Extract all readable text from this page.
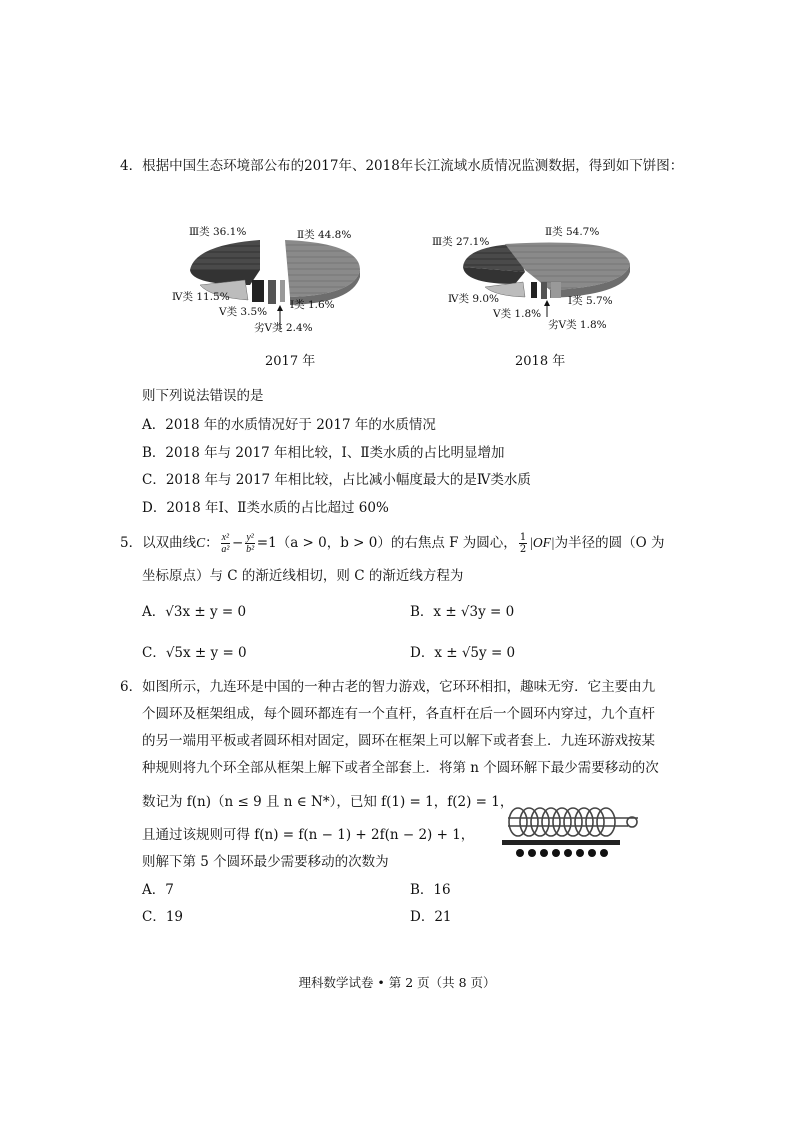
4．根据中国生态环境部公布的2017年、2018年长江流域水质情况监测数据，得到如下饼图：
Ⅲ类 36.1%	Ⅱ类 44.8%
Ⅳ类 11.5%
Ⅴ类 3.5%
Ⅰ类 1.6%
劣Ⅴ类 2.4%
2017 年
Ⅲ类 27.1%
Ⅱ类 54.7%
Ⅳ类 9.0%
Ⅴ类 1.8%
Ⅰ类 5.7%
劣Ⅴ类 1.8%
2018 年
则下列说法错误的是
A．2018 年的水质情况好于 2017 年的水质情况
B．2018 年与 2017 年相比较，Ⅰ、Ⅱ类水质的占比明显增加
C．2018 年与 2017 年相比较，占比减小幅度最大的是Ⅳ类水质
D．2018 年Ⅰ、Ⅱ类水质的占比超过 60%
5． 以双曲线 C ： $\frac{\text{x²}}{\text{a²}} - \frac{\text{y²}}{\text{b²}} =1$ （a > 0，b > 0）的右焦点 F 为圆心， $\frac{1}{2} |OF|$ 为半径的圆（O 为
坐标原点）与 C 的渐近线相切，则 C 的渐近线方程为
A．√3x ± y = 0	B．x ± √3y = 0
C．√5x ± y = 0	D．x ± √5y = 0
6．如图所示，九连环是中国的一种古老的智力游戏，它环环相扣，趣味无穷．它主要由九
个圆环及框架组成，每个圆环都连有一个直杆，各直杆在后一个圆环内穿过，九个直杆
的另一端用平板或者圆环相对固定，圆环在框架上可以解下或者套上．九连环游戏按某
种规则将九个环全部从框架上解下或者全部套上．将第 n 个圆环解下最少需要移动的次
数记为 f(n)（n ≤ 9 且 n ∈ N*），已知 f(1) = 1，f(2) = 1，
且通过该规则可得 f(n) = f(n − 1) + 2f(n − 2) + 1，
则解下第 5 个圆环最少需要移动的次数为
A．7	B．16
C．19	D．21
理科数学试卷 • 第 2 页（共 8 页）
